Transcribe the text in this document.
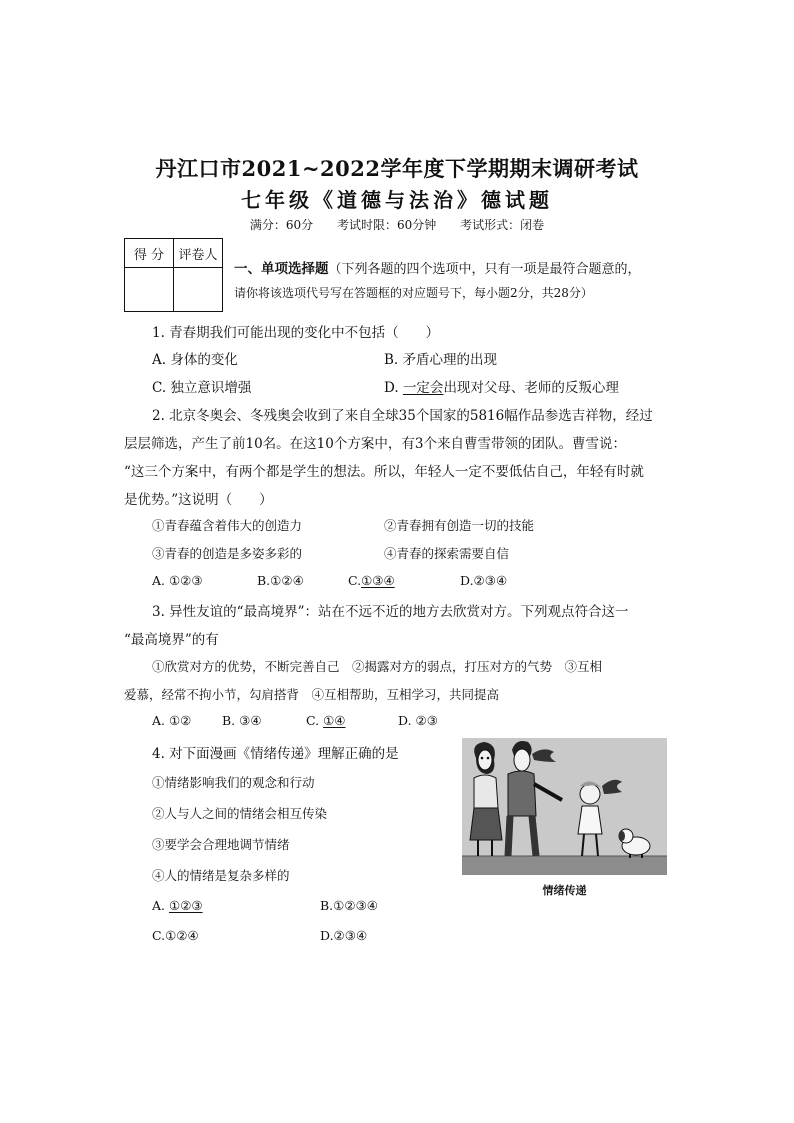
丹江口市2021~2022学年度下学期期末调研考试
七年级《道德与法治》德试题
满分：60分 考试时限：60分钟 考试形式：闭卷
得 分	评卷人

一、单项选择题（下列各题的四个选项中，只有一项是最符合题意的，
请你将该选项代号写在答题框的对应题号下，每小题2分，共28分）
1. 青春期我们可能出现的变化中不包括（　　）
A. 身体的变化	B. 矛盾心理的出现
C. 独立意识增强	D. 一定会出现对父母、老师的反叛心理
2. 北京冬奥会、冬残奥会收到了来自全球35个国家的5816幅作品参选吉祥物，经过
层层筛选，产生了前10名。在这10个方案中，有3个来自曹雪带领的团队。曹雪说：
“这三个方案中，有两个都是学生的想法。所以，年轻人一定不要低估自己，年轻有时就
是优势。”这说明（　　）
①青春蕴含着伟大的创造力	②青春拥有创造一切的技能
③青春的创造是多姿多彩的	④青春的探索需要自信
A. ①②③	B.①②④	C.①③④	D.②③④
3. 异性友谊的“最高境界”：站在不远不近的地方去欣赏对方。下列观点符合这一
“最高境界”的有
①欣赏对方的优势，不断完善自己　②揭露对方的弱点，打压对方的气势　③互相
爱慕，经常不拘小节，勾肩搭背　④互相帮助，互相学习，共同提高
A. ①② B. ③④	C. ①④	D. ②③
4. 对下面漫画《情绪传递》理解正确的是
①情绪影响我们的观念和行动
②人与人之间的情绪会相互传染
③要学会合理地调节情绪
④人的情绪是复杂多样的
A. ①②③	B.①②③④
C.①②④	D.②③④
情绪传递
